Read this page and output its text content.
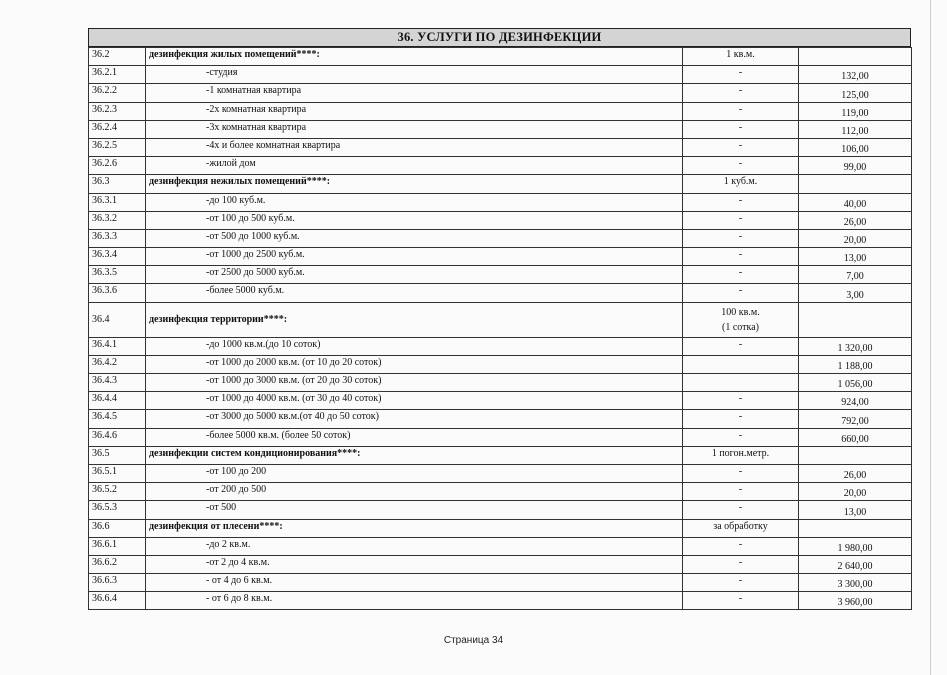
36. УСЛУГИ ПО ДЕЗИНФЕКЦИИ
36.2	дезинфекция жилых помещений****:	1 кв.м.	
36.2.1	-студия	-	132,00
36.2.2	-1 комнатная квартира	-	125,00
36.2.3	-2х комнатная квартира	-	119,00
36.2.4	-3х комнатная квартира	-	112,00
36.2.5	-4х и более комнатная квартира	-	106,00
36.2.6	-жилой дом	-	99,00
36.3	дезинфекция нежилых помещений****:	1 куб.м.	
36.3.1	-до 100 куб.м.	-	40,00
36.3.2	-от 100 до 500 куб.м.	-	26,00
36.3.3	-от 500 до 1000 куб.м.	-	20,00
36.3.4	-от 1000 до 2500 куб.м.	-	13,00
36.3.5	-от 2500 до 5000 куб.м.	-	7,00
36.3.6	-более 5000 куб.м.	-	3,00
36.4	дезинфекция территории****:	100 кв.м.
(1 сотка)	

36.4.1	-до 1000 кв.м.(до 10 соток)	-	1 320,00
36.4.2	-от 1000 до 2000 кв.м. (от 10 до 20 соток)		1 188,00
36.4.3	-от 1000 до 3000 кв.м. (от 20 до 30 соток)		1 056,00
36.4.4	-от 1000 до 4000 кв.м. (от 30 до 40 соток)	-	924,00
36.4.5	-от 3000 до 5000 кв.м.(от 40 до 50 соток)	-	792,00
36.4.6	-более 5000 кв.м. (более 50 соток)	-	660,00
36.5	дезинфекции систем кондиционирования****:	1 погон.метр.	
36.5.1	-от 100 до 200	-	26,00
36.5.2	-от 200 до 500	-	20,00
36.5.3	-от 500	-	13,00
36.6	дезинфекция от плесени****:	за обработку	
36.6.1	-до 2 кв.м.	-	1 980,00
36.6.2	-от 2 до 4 кв.м.	-	2 640,00
36.6.3	- от 4 до 6 кв.м.	-	3 300,00
36.6.4	- от 6 до 8 кв.м.	-	3 960,00
Страница 34
